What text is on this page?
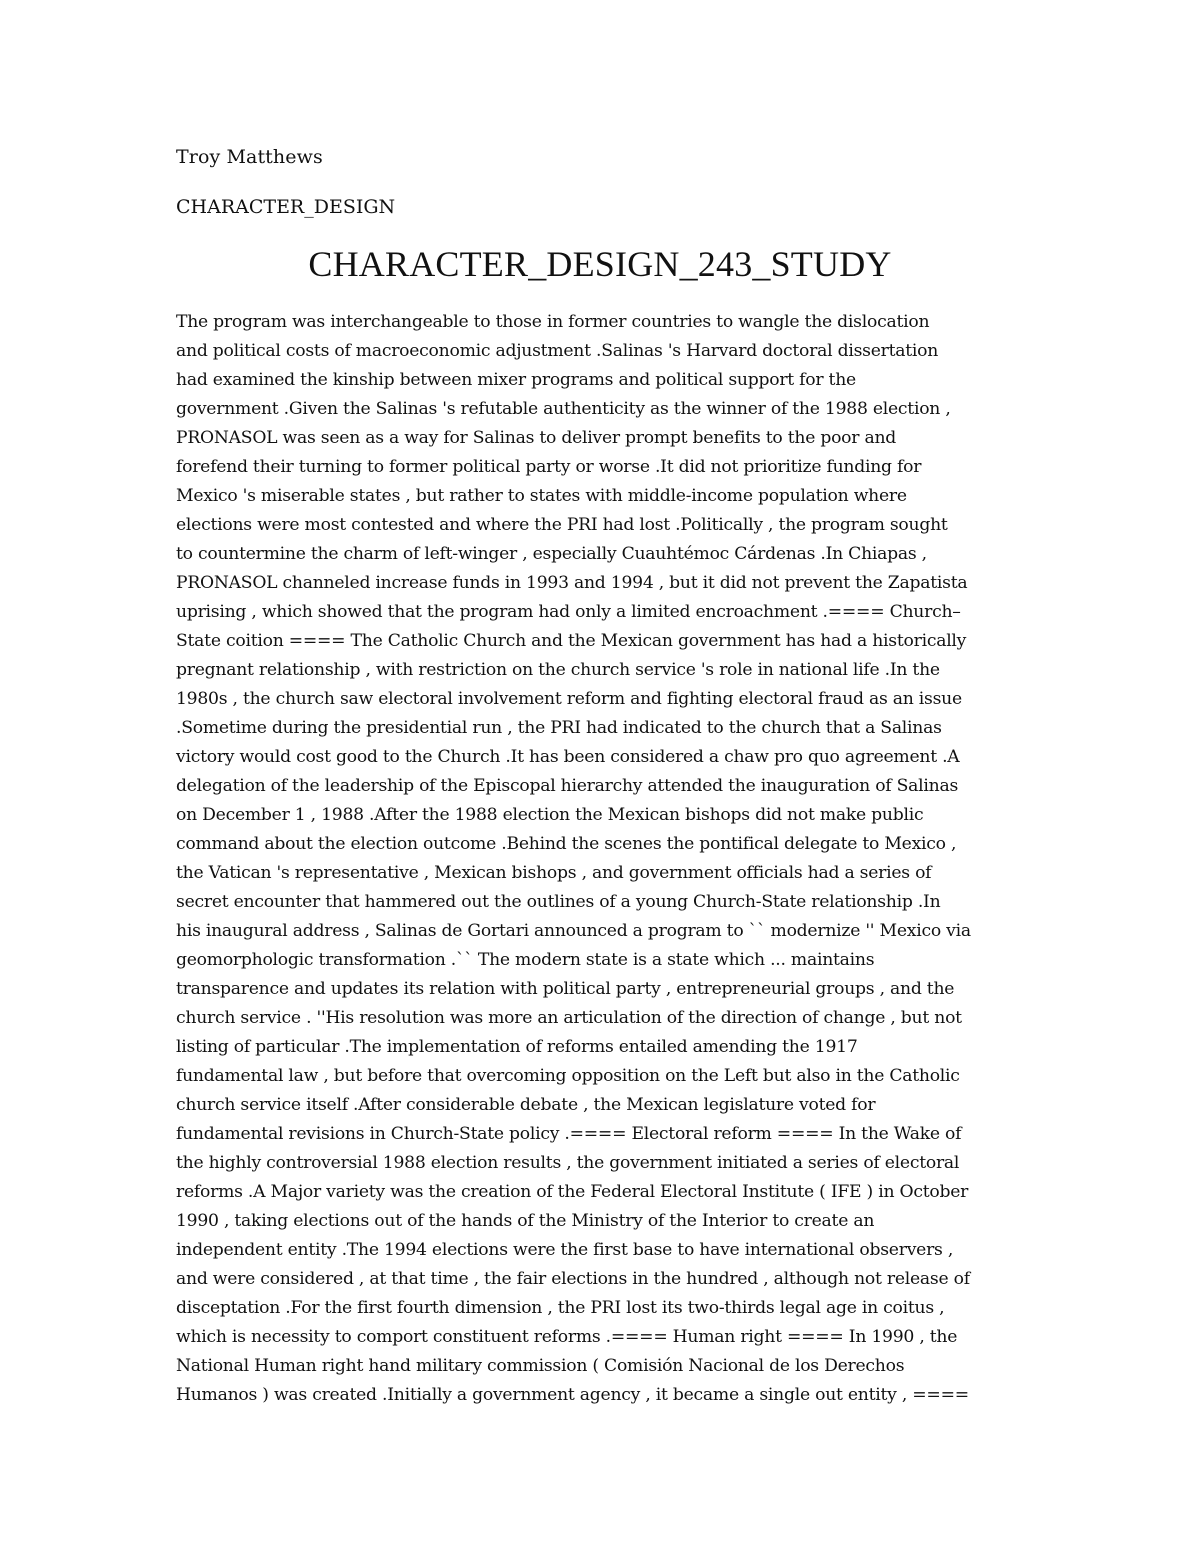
Troy Matthews
CHARACTER_DESIGN
CHARACTER_DESIGN_243_STUDY
The program was interchangeable to those in former countries to wangle the dislocation
and political costs of macroeconomic adjustment .Salinas 's Harvard doctoral dissertation
had examined the kinship between mixer programs and political support for the
government .Given the Salinas 's refutable authenticity as the winner of the 1988 election ,
PRONASOL was seen as a way for Salinas to deliver prompt benefits to the poor and
forefend their turning to former political party or worse .It did not prioritize funding for
Mexico 's miserable states , but rather to states with middle-income population where
elections were most contested and where the PRI had lost .Politically , the program sought
to countermine the charm of left-winger , especially Cuauhtémoc Cárdenas .In Chiapas ,
PRONASOL channeled increase funds in 1993 and 1994 , but it did not prevent the Zapatista
uprising , which showed that the program had only a limited encroachment .==== Church–
State coition ==== The Catholic Church and the Mexican government has had a historically
pregnant relationship , with restriction on the church service 's role in national life .In the
1980s , the church saw electoral involvement reform and fighting electoral fraud as an issue
.Sometime during the presidential run , the PRI had indicated to the church that a Salinas
victory would cost good to the Church .It has been considered a chaw pro quo agreement .A
delegation of the leadership of the Episcopal hierarchy attended the inauguration of Salinas
on December 1 , 1988 .After the 1988 election the Mexican bishops did not make public
command about the election outcome .Behind the scenes the pontifical delegate to Mexico ,
the Vatican 's representative , Mexican bishops , and government officials had a series of
secret encounter that hammered out the outlines of a young Church-State relationship .In
his inaugural address , Salinas de Gortari announced a program to `` modernize '' Mexico via
geomorphologic transformation .`` The modern state is a state which ... maintains
transparence and updates its relation with political party , entrepreneurial groups , and the
church service . ''His resolution was more an articulation of the direction of change , but not
listing of particular .The implementation of reforms entailed amending the 1917
fundamental law , but before that overcoming opposition on the Left but also in the Catholic
church service itself .After considerable debate , the Mexican legislature voted for
fundamental revisions in Church-State policy .==== Electoral reform ==== In the Wake of
the highly controversial 1988 election results , the government initiated a series of electoral
reforms .A Major variety was the creation of the Federal Electoral Institute ( IFE ) in October
1990 , taking elections out of the hands of the Ministry of the Interior to create an
independent entity .The 1994 elections were the first base to have international observers ,
and were considered , at that time , the fair elections in the hundred , although not release of
disceptation .For the first fourth dimension , the PRI lost its two-thirds legal age in coitus ,
which is necessity to comport constituent reforms .==== Human right ==== In 1990 , the
National Human right hand military commission ( Comisión Nacional de los Derechos
Humanos ) was created .Initially a government agency , it became a single out entity , ====
